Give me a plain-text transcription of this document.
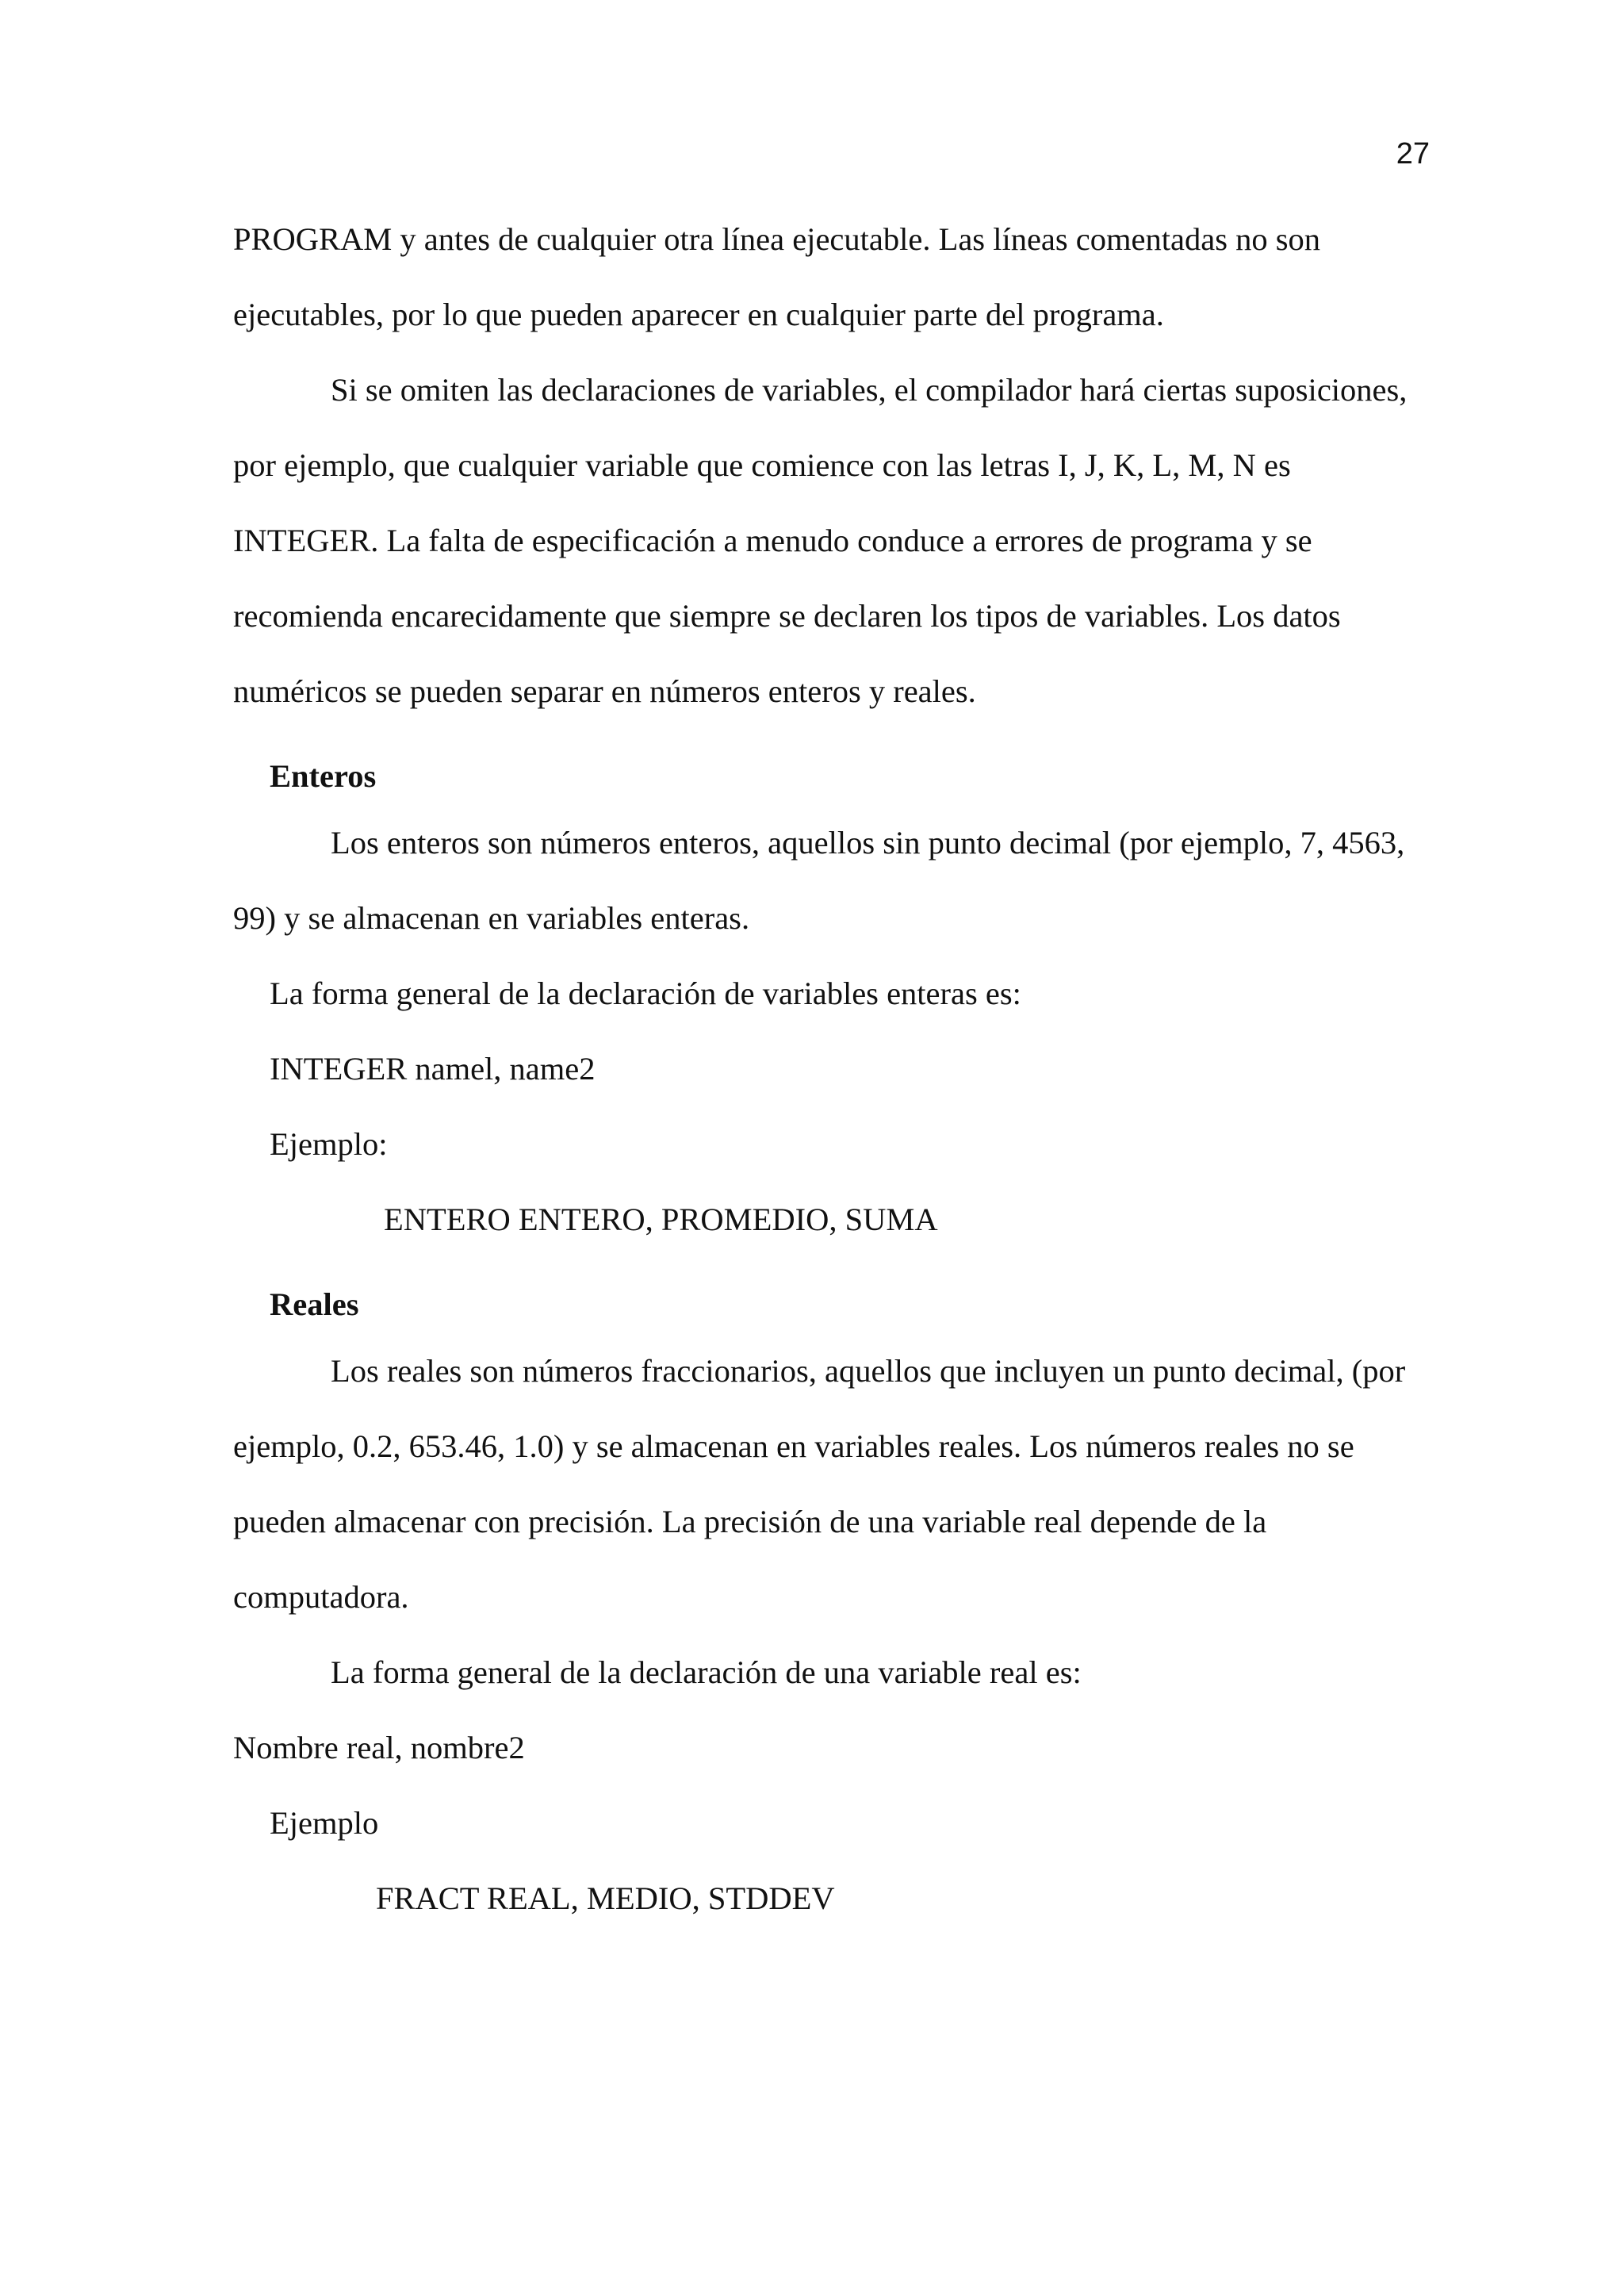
27

PROGRAM y antes de cualquier otra línea ejecutable. Las líneas comentadas no son

ejecutables, por lo que pueden aparecer en cualquier parte del programa.

Si se omiten las declaraciones de variables, el compilador hará ciertas suposiciones,

por ejemplo, que cualquier variable que comience con las letras I, J, K, L, M, N es

INTEGER. La falta de especificación a menudo conduce a errores de programa y se

recomienda encarecidamente que siempre se declaren los tipos de variables. Los datos

numéricos se pueden separar en números enteros y reales.

Enteros

Los enteros son números enteros, aquellos sin punto decimal (por ejemplo, 7, 4563,

99) y se almacenan en variables enteras.

La forma general de la declaración de variables enteras es:

INTEGER namel, name2

Ejemplo:

ENTERO ENTERO, PROMEDIO, SUMA

Reales

Los reales son números fraccionarios, aquellos que incluyen un punto decimal, (por

ejemplo, 0.2, 653.46, 1.0) y se almacenan en variables reales. Los números reales no se

pueden almacenar con precisión. La precisión de una variable real depende de la

computadora.

La forma general de la declaración de una variable real es:

Nombre real, nombre2

Ejemplo

FRACT REAL, MEDIO, STDDEV
